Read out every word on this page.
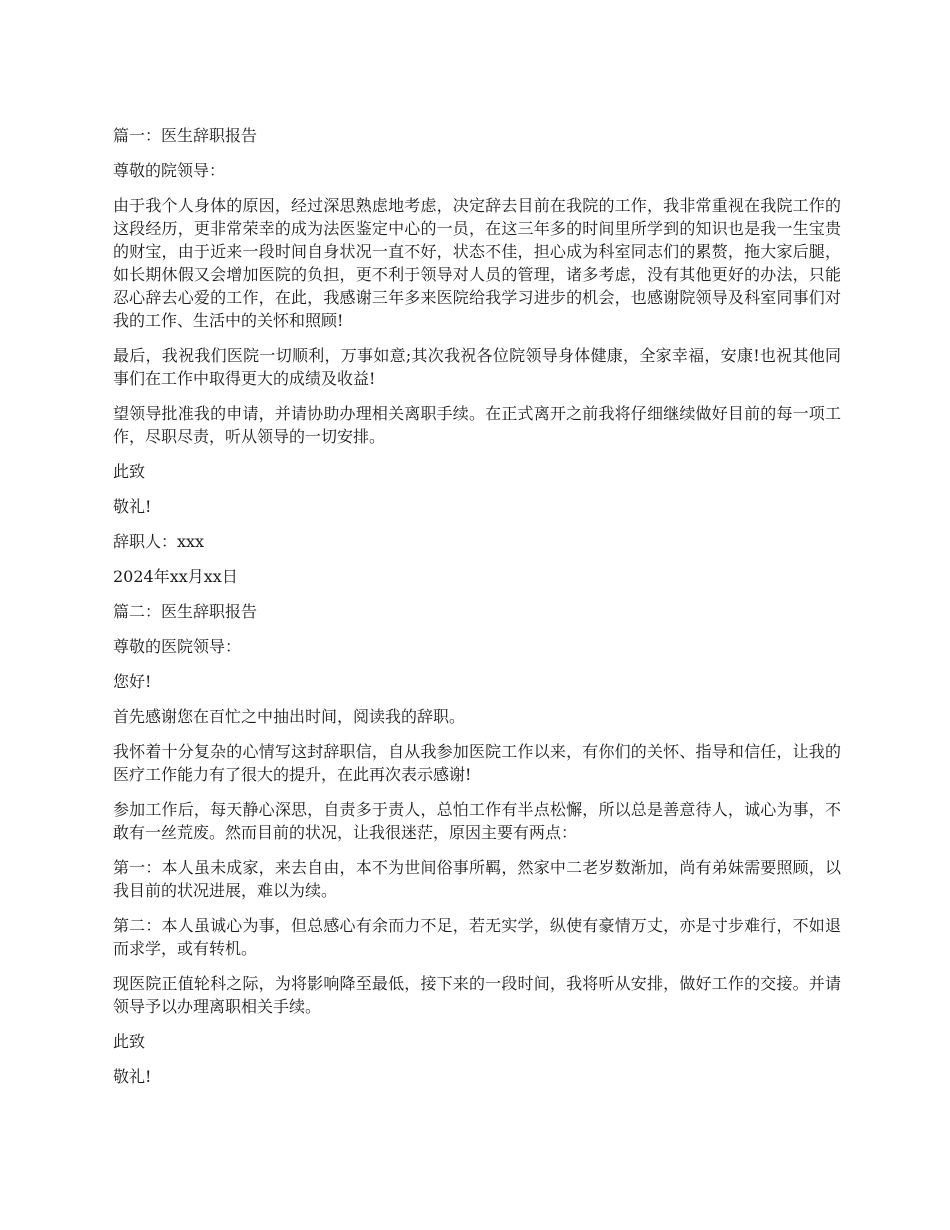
篇一：医生辞职报告

尊敬的院领导：

由于我个人身体的原因，经过深思熟虑地考虑，决定辞去目前在我院的工作，我非常重视在我院工作的这段经历，更非常荣幸的成为法医鉴定中心的一员，在这三年多的时间里所学到的知识也是我一生宝贵的财宝，由于近来一段时间自身状况一直不好，状态不佳，担心成为科室同志们的累赘，拖大家后腿，如长期休假又会增加医院的负担，更不利于领导对人员的管理，诸多考虑，没有其他更好的办法，只能忍心辞去心爱的工作，在此，我感谢三年多来医院给我学习进步的机会，也感谢院领导及科室同事们对我的工作、生活中的关怀和照顾!

最后，我祝我们医院一切顺利，万事如意;其次我祝各位院领导身体健康，全家幸福，安康!也祝其他同事们在工作中取得更大的成绩及收益!

望领导批准我的申请，并请协助办理相关离职手续。在正式离开之前我将仔细继续做好目前的每一项工作，尽职尽责，听从领导的一切安排。

此致

敬礼!

辞职人：xxx

2024年xx月xx日

篇二：医生辞职报告

尊敬的医院领导：

您好!

首先感谢您在百忙之中抽出时间，阅读我的辞职。

我怀着十分复杂的心情写这封辞职信，自从我参加医院工作以来，有你们的关怀、指导和信任，让我的医疗工作能力有了很大的提升，在此再次表示感谢!

参加工作后，每天静心深思，自责多于责人，总怕工作有半点松懈，所以总是善意待人，诚心为事，不敢有一丝荒废。然而目前的状况，让我很迷茫，原因主要有两点：

第一：本人虽未成家，来去自由，本不为世间俗事所羁，然家中二老岁数渐加，尚有弟妹需要照顾，以我目前的状况进展，难以为续。

第二：本人虽诚心为事，但总感心有余而力不足，若无实学，纵使有豪情万丈，亦是寸步难行，不如退而求学，或有转机。

现医院正值轮科之际，为将影响降至最低，接下来的一段时间，我将听从安排，做好工作的交接。并请领导予以办理离职相关手续。

此致

敬礼!
